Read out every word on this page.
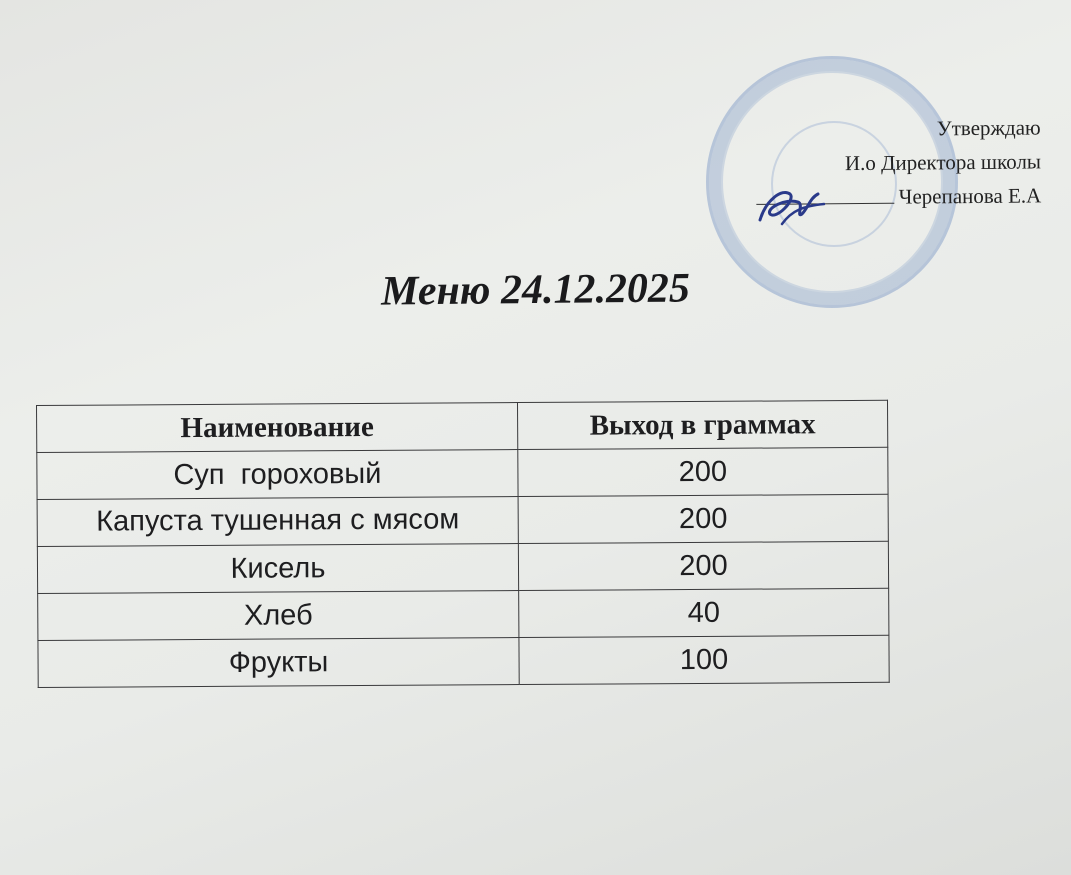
Утверждаю
И.о Директора школы
Черепанова Е.А
Меню 24.12.2025
Наименование	Выход в граммах
Суп  гороховый	200
Капуста тушенная с мясом	200
Кисель	200
Хлеб	40
Фрукты	100
